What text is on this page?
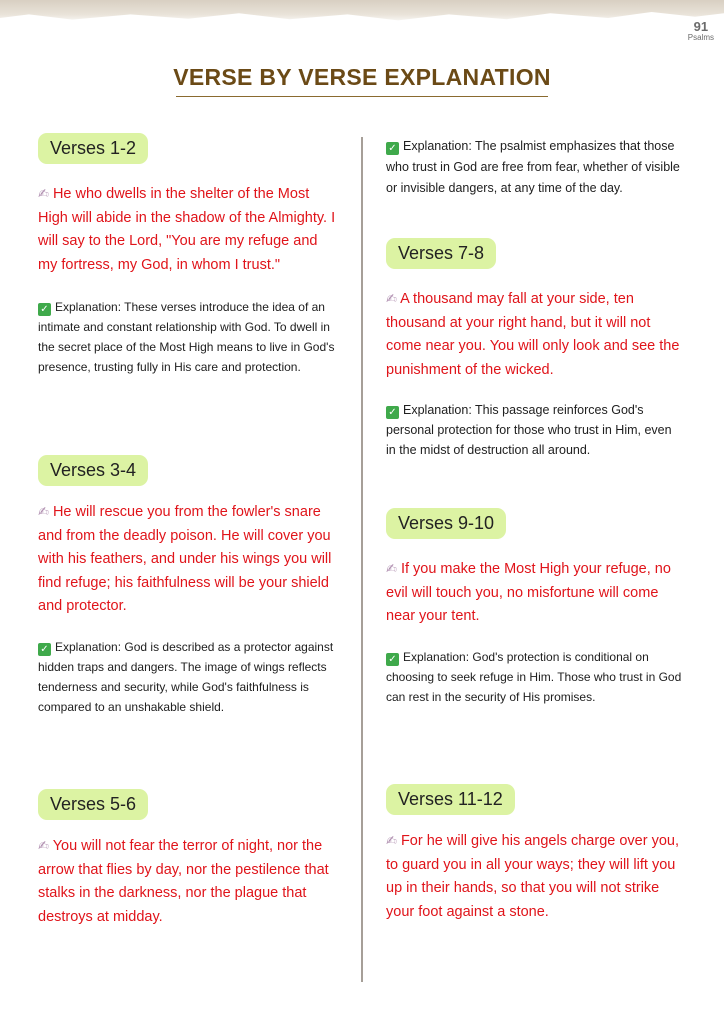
91
Psalms
VERSE BY VERSE EXPLANATION
Verses 1-2

✍ He who dwells in the shelter of the Most High will abide in the shadow of the Almighty. I will say to the Lord, "You are my refuge and my fortress, my God, in whom I trust."

✓ Explanation: These verses introduce the idea of an intimate and constant relationship with God. To dwell in the secret place of the Most High means to live in God's presence, trusting fully in His care and protection.

Verses 3-4

✍ He will rescue you from the fowler's snare and from the deadly poison. He will cover you with his feathers, and under his wings you will find refuge; his faithfulness will be your shield and protector.

✓ Explanation: God is described as a protector against hidden traps and dangers. The image of wings reflects tenderness and security, while God's faithfulness is compared to an unshakable shield.

Verses 5-6

✍ You will not fear the terror of night, nor the arrow that flies by day, nor the pestilence that stalks in the darkness, nor the plague that destroys at midday.

✓ Explanation: The psalmist emphasizes that those who trust in God are free from fear, whether of visible or invisible dangers, at any time of the day.

Verses 7-8

✍ A thousand may fall at your side, ten thousand at your right hand, but it will not come near you. You will only look and see the punishment of the wicked.

✓ Explanation: This passage reinforces God's personal protection for those who trust in Him, even in the midst of destruction all around.

Verses 9-10

✍ If you make the Most High your refuge, no evil will touch you, no misfortune will come near your tent.

✓ Explanation: God's protection is conditional on choosing to seek refuge in Him. Those who trust in God can rest in the security of His promises.

Verses 11-12

✍ For he will give his angels charge over you, to guard you in all your ways; they will lift you up in their hands, so that you will not strike your foot against a stone.
